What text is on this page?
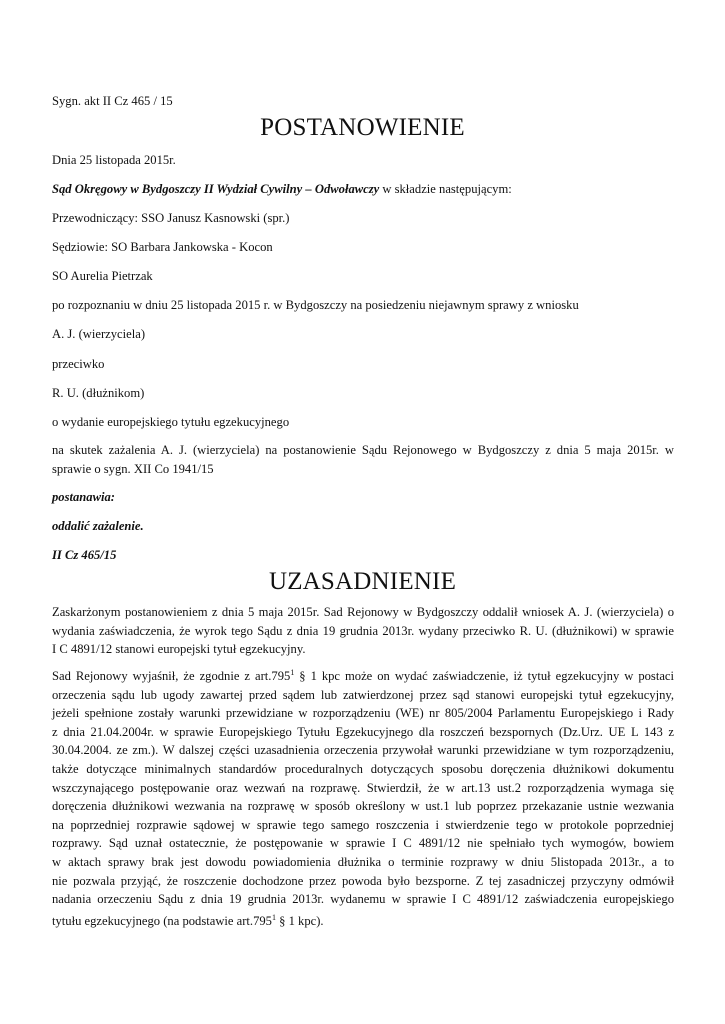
Sygn. akt II Cz 465 / 15
POSTANOWIENIE
Dnia 25 listopada 2015r.
Sąd Okręgowy w Bydgoszczy II Wydział Cywilny – Odwoławczy w składzie następującym:
Przewodniczący: SSO Janusz Kasnowski (spr.)
Sędziowie: SO Barbara Jankowska - Kocon
SO Aurelia Pietrzak
po rozpoznaniu w dniu 25 listopada 2015 r. w Bydgoszczy na posiedzeniu niejawnym sprawy z wniosku
A. J. (wierzyciela)
przeciwko
R. U. (dłużnikom)
o wydanie europejskiego tytułu egzekucyjnego
na skutek zażalenia A. J. (wierzyciela) na postanowienie Sądu Rejonowego w Bydgoszczy z dnia 5 maja 2015r. w
sprawie o sygn. XII Co 1941/15
postanawia:
oddalić zażalenie.
II Cz 465/15
UZASADNIENIE
Zaskarżonym postanowieniem z dnia 5 maja 2015r. Sad Rejonowy w Bydgoszczy oddalił wniosek A. J. (wierzyciela) o
wydania zaświadczenia, że wyrok tego Sądu z dnia 19 grudnia 2013r. wydany przeciwko R. U. (dłużnikowi) w sprawie
I C 4891/12 stanowi europejski tytuł egzekucyjny.
Sad Rejonowy wyjaśnił, że zgodnie z art.795$^1$ § 1 kpc może on wydać zaświadczenie, iż tytuł egzekucyjny w postaci
orzeczenia sądu lub ugody zawartej przed sądem lub zatwierdzonej przez sąd stanowi europejski tytuł egzekucyjny,
jeżeli spełnione zostały warunki przewidziane w rozporządzeniu (WE) nr 805/2004 Parlamentu Europejskiego i Rady
z dnia 21.04.2004r. w sprawie Europejskiego Tytułu Egzekucyjnego dla roszczeń bezspornych (Dz.Urz. UE L 143 z
30.04.2004. ze zm.). W dalszej części uzasadnienia orzeczenia przywołał warunki przewidziane w tym rozporządzeniu,
także dotyczące minimalnych standardów proceduralnych dotyczących sposobu doręczenia dłużnikowi dokumentu
wszczynającego postępowanie oraz wezwań na rozprawę. Stwierdził, że w art.13 ust.2 rozporządzenia wymaga się
doręczenia dłużnikowi wezwania na rozprawę w sposób określony w ust.1 lub poprzez przekazanie ustnie wezwania
na poprzedniej rozprawie sądowej w sprawie tego samego roszczenia i stwierdzenie tego w protokole poprzedniej
rozprawy. Sąd uznał ostatecznie, że postępowanie w sprawie I C 4891/12 nie spełniało tych wymogów, bowiem
w aktach sprawy brak jest dowodu powiadomienia dłużnika o terminie rozprawy w dniu 5listopada 2013r., a to
nie pozwala przyjąć, że roszczenie dochodzone przez powoda było bezsporne. Z tej zasadniczej przyczyny odmówił
nadania orzeczeniu Sądu z dnia 19 grudnia 2013r. wydanemu w sprawie I C 4891/12 zaświadczenia europejskiego
tytułu egzekucyjnego (na podstawie art.795$^1$ § 1 kpc).
